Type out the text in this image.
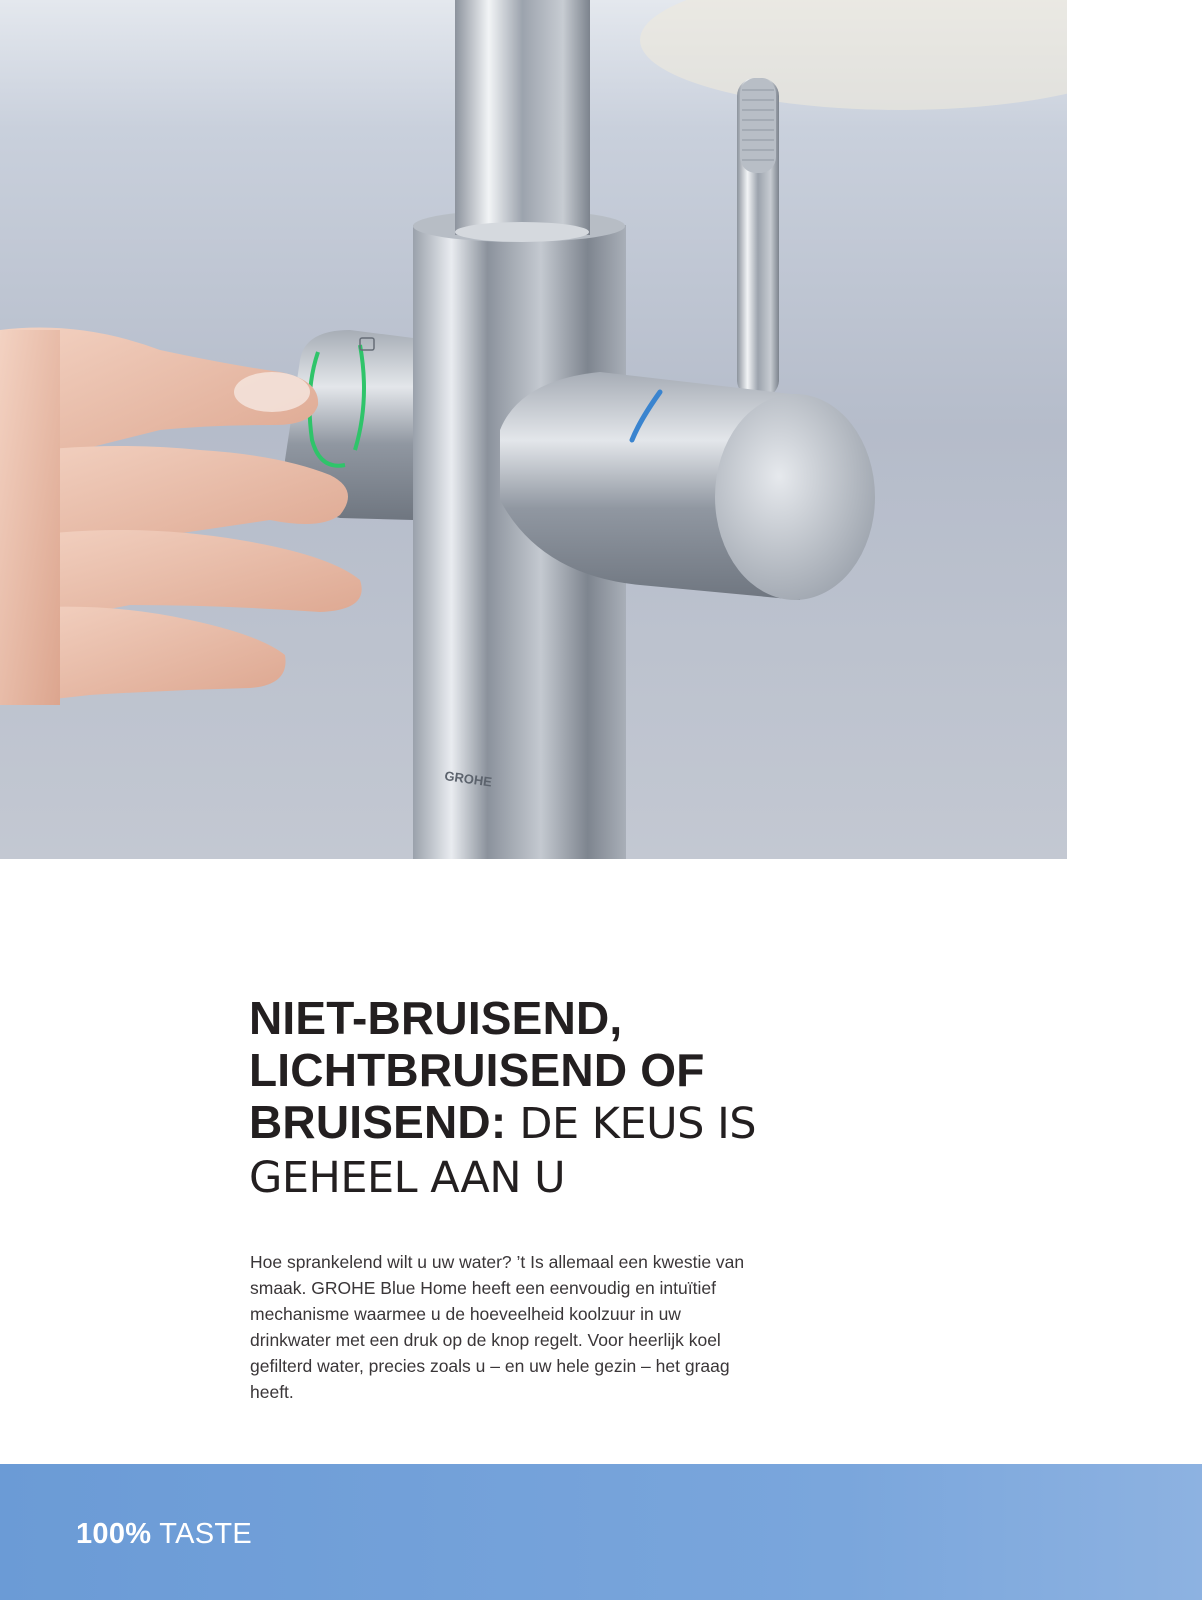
GROHE
NIET-BRUISEND, LICHTBRUISEND OF BRUISEND: DE KEUS IS GEHEEL AAN U

Hoe sprankelend wilt u uw water? ’t Is allemaal een kwestie van smaak. GROHE Blue Home heeft een eenvoudig en intuïtief mechanisme waarmee u de hoeveelheid koolzuur in uw drinkwater met een druk op de knop regelt. Voor heerlijk koel gefilterd water, precies zoals u – en uw hele gezin – het graag heeft.

100% TASTE
